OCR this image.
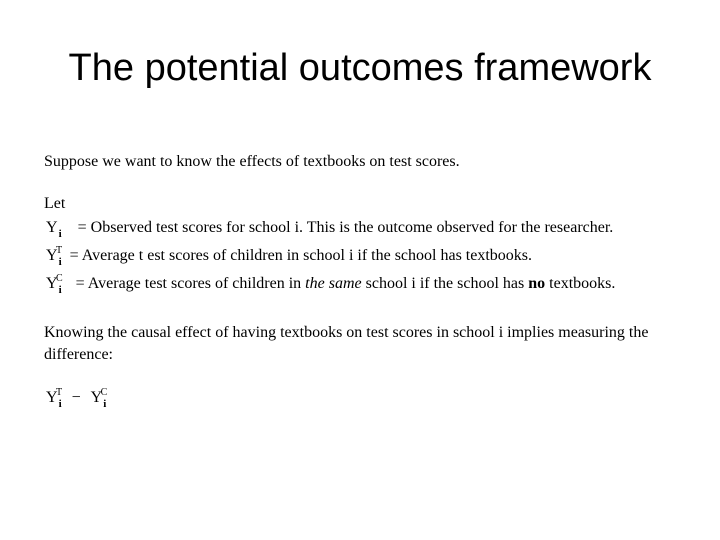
The potential outcomes framework
Suppose we want to know the effects of textbooks on test scores.
Let
$Y_i$ = Observed test scores for school i. This is the outcome observed for the researcher.
$Y_i$
T = Average t est scores of children in school i if the school has textbooks.
$Y_i$
C = Average test scores of children in the same school i if the school has no textbooks.
Knowing the causal effect of having textbooks on test scores in school i implies measuring the difference:
$Y_i$
$T - Y_i$
C
